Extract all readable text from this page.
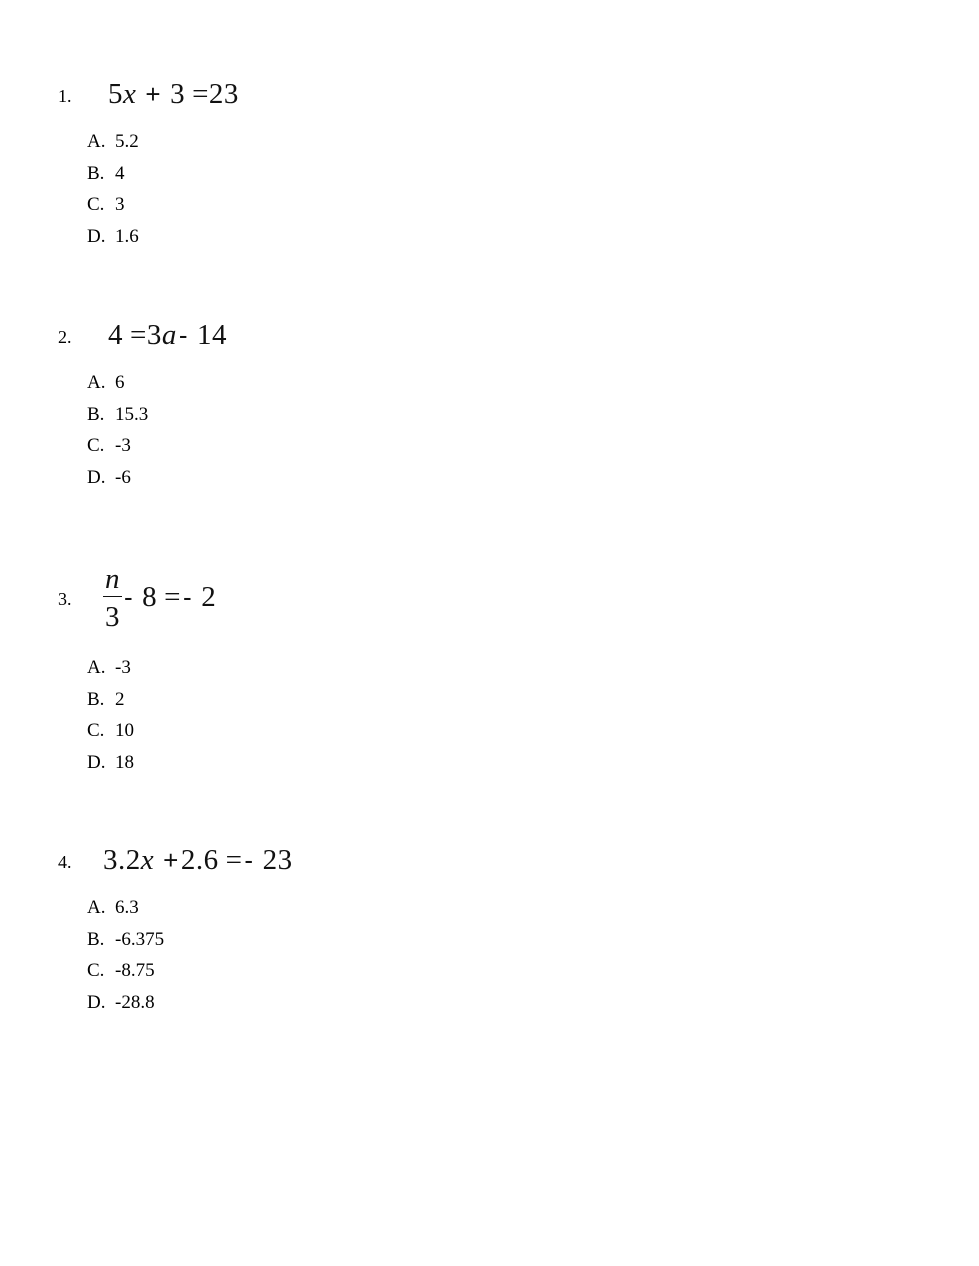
1. 5x + 3 =23
A. 5.2
B. 4
C. 3
D. 1.6
2. 4 =3a- 14
A. 6
B. 15.3
C. -3
D. -6
3. $\frac{n}{3} - 8 =- 2$
A. -3
B. 2
C. 10
D. 18
4. 3.2x +2.6 =- 23
A. 6.3
B. -6.375
C. -8.75
D. -28.8
